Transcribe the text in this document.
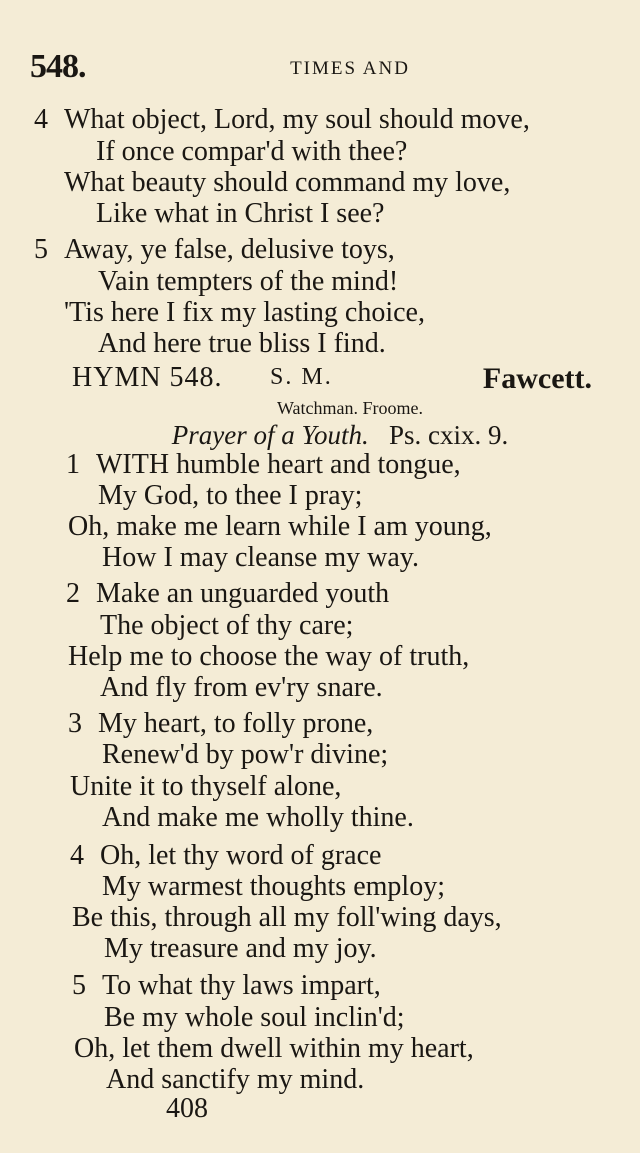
548.	TIMES AND
4 What object, Lord, my soul should move,
If once compar'd with thee?
What beauty should command my love,
Like what in Christ I see?
5 Away, ye false, delusive toys,
Vain tempters of the mind!
'Tis here I fix my lasting choice,
And here true bliss I find.
HYMN 548. S. M.	Fawcett.
Watchman. Froome.
Prayer of a Youth. Ps. cxix. 9.
1 WITH humble heart and tongue,
My God, to thee I pray;
Oh, make me learn while I am young,
How I may cleanse my way.
2 Make an unguarded youth
The object of thy care;
Help me to choose the way of truth,
And fly from ev'ry snare.
3 My heart, to folly prone,
Renew'd by pow'r divine;
Unite it to thyself alone,
And make me wholly thine.
4 Oh, let thy word of grace
My warmest thoughts employ;
Be this, through all my foll'wing days,
My treasure and my joy.
5 To what thy laws impart,
Be my whole soul inclin'd;
Oh, let them dwell within my heart,
And sanctify my mind.
408
